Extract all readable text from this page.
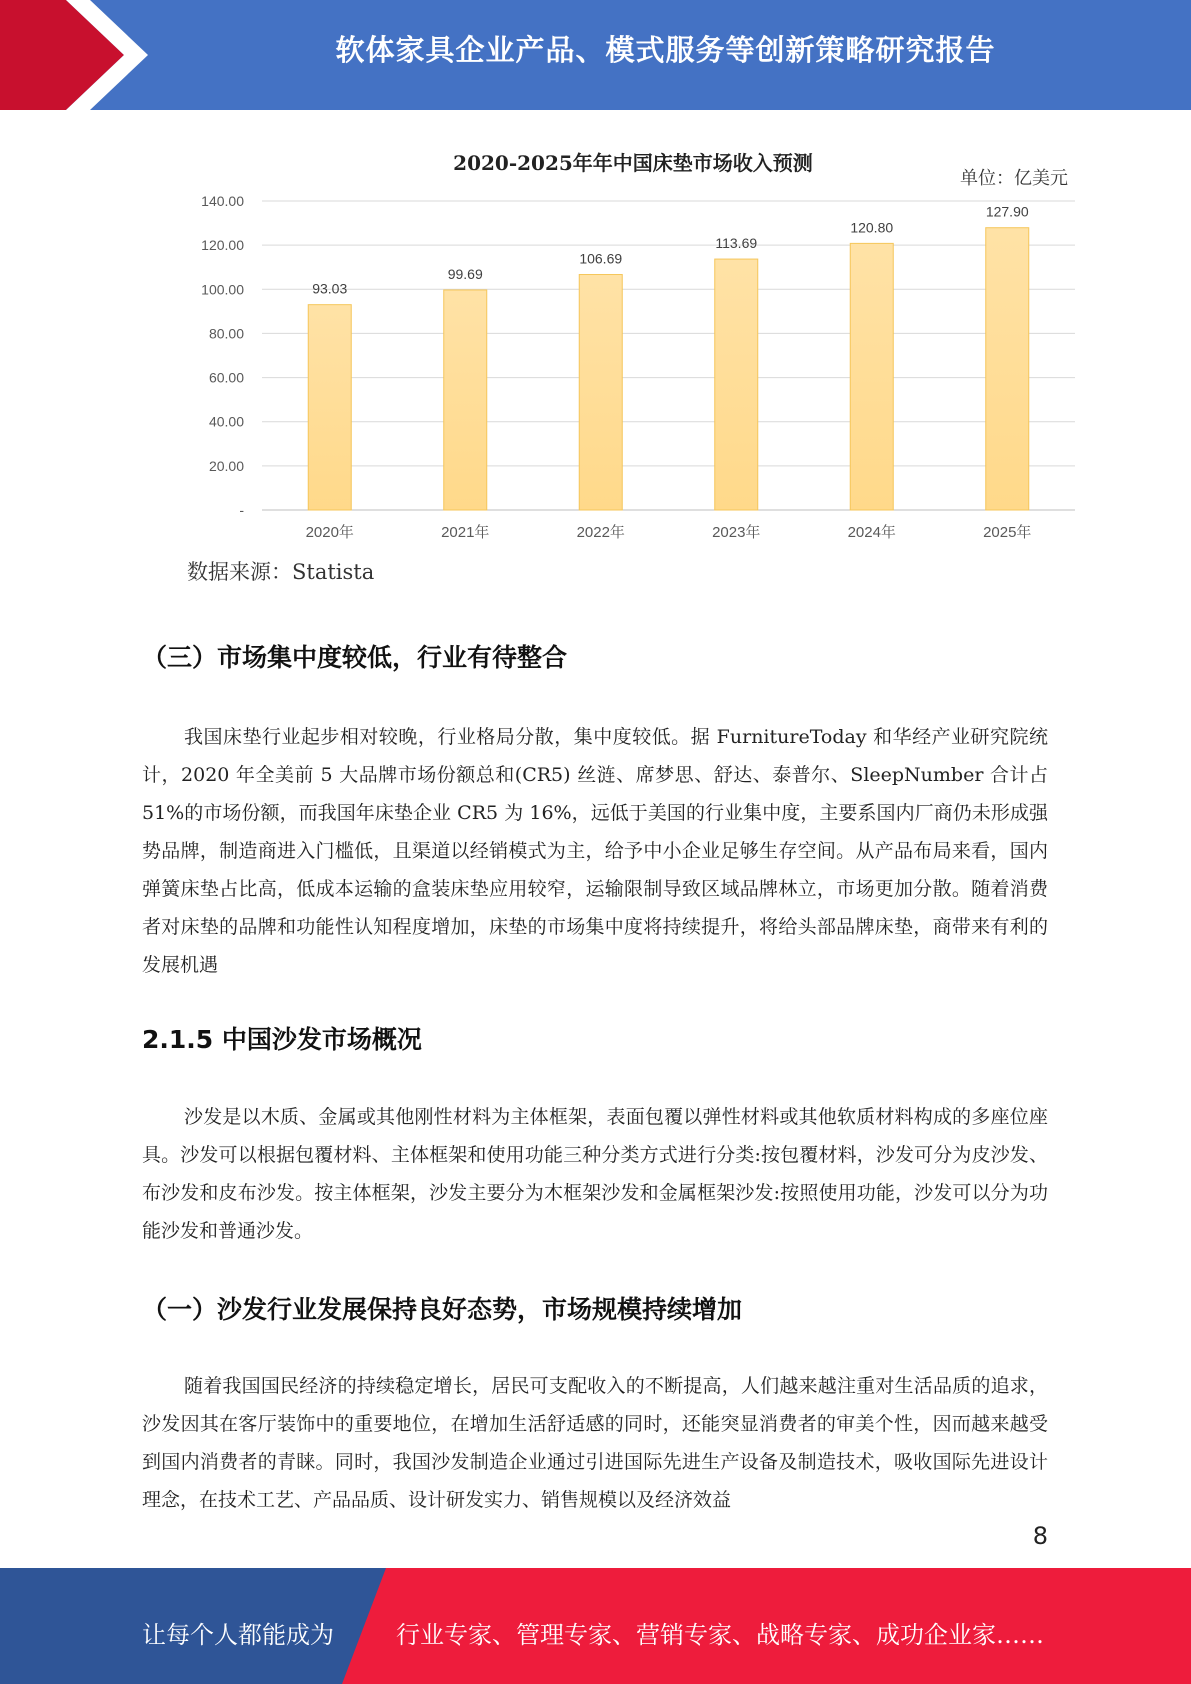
软体家具企业产品、模式服务等创新策略研究报告
2020-2025年年中国床垫市场收入预测
单位：亿美元
-
20.00
40.00
60.00
80.00
100.00
120.00
140.00
93.03
99.69
106.69
113.69
120.80
127.90
2020年	2021年	2022年	2023年	2024年	2025年
数据来源：Statista
（三）市场集中度较低，行业有待整合

我国床垫行业起步相对较晚，行业格局分散，集中度较低。据 FurnitureToday 和华经产业研究院统计，2020 年全美前 5 大品牌市场份额总和(CR5) 丝涟、席梦思、舒达、泰普尔、SleepNumber 合计占 51%的市场份额，而我国年床垫企业 CR5 为 16%，远低于美国的行业集中度，主要系国内厂商仍未形成强势品牌，制造商进入门槛低，且渠道以经销模式为主，给予中小企业足够生存空间。从产品布局来看，国内弹簧床垫占比高，低成本运输的盒装床垫应用较窄，运输限制导致区域品牌林立，市场更加分散。随着消费者对床垫的品牌和功能性认知程度增加，床垫的市场集中度将持续提升，将给头部品牌床垫，商带来有利的发展机遇

2.1.5 中国沙发市场概况

沙发是以木质、金属或其他刚性材料为主体框架，表面包覆以弹性材料或其他软质材料构成的多座位座具。沙发可以根据包覆材料、主体框架和使用功能三种分类方式进行分类:按包覆材料，沙发可分为皮沙发、布沙发和皮布沙发。按主体框架，沙发主要分为木框架沙发和金属框架沙发:按照使用功能，沙发可以分为功能沙发和普通沙发。

（一）沙发行业发展保持良好态势，市场规模持续增加

随着我国国民经济的持续稳定增长，居民可支配收入的不断提高，人们越来越注重对生活品质的追求，沙发因其在客厅装饰中的重要地位，在增加生活舒适感的同时，还能突显消费者的审美个性，因而越来越受到国内消费者的青睐。同时，我国沙发制造企业通过引进国际先进生产设备及制造技术，吸收国际先进设计理念，在技术工艺、产品品质、设计研发实力、销售规模以及经济效益

8
让每个人都能成为	行业专家、管理专家、营销专家、战略专家、成功企业家……
